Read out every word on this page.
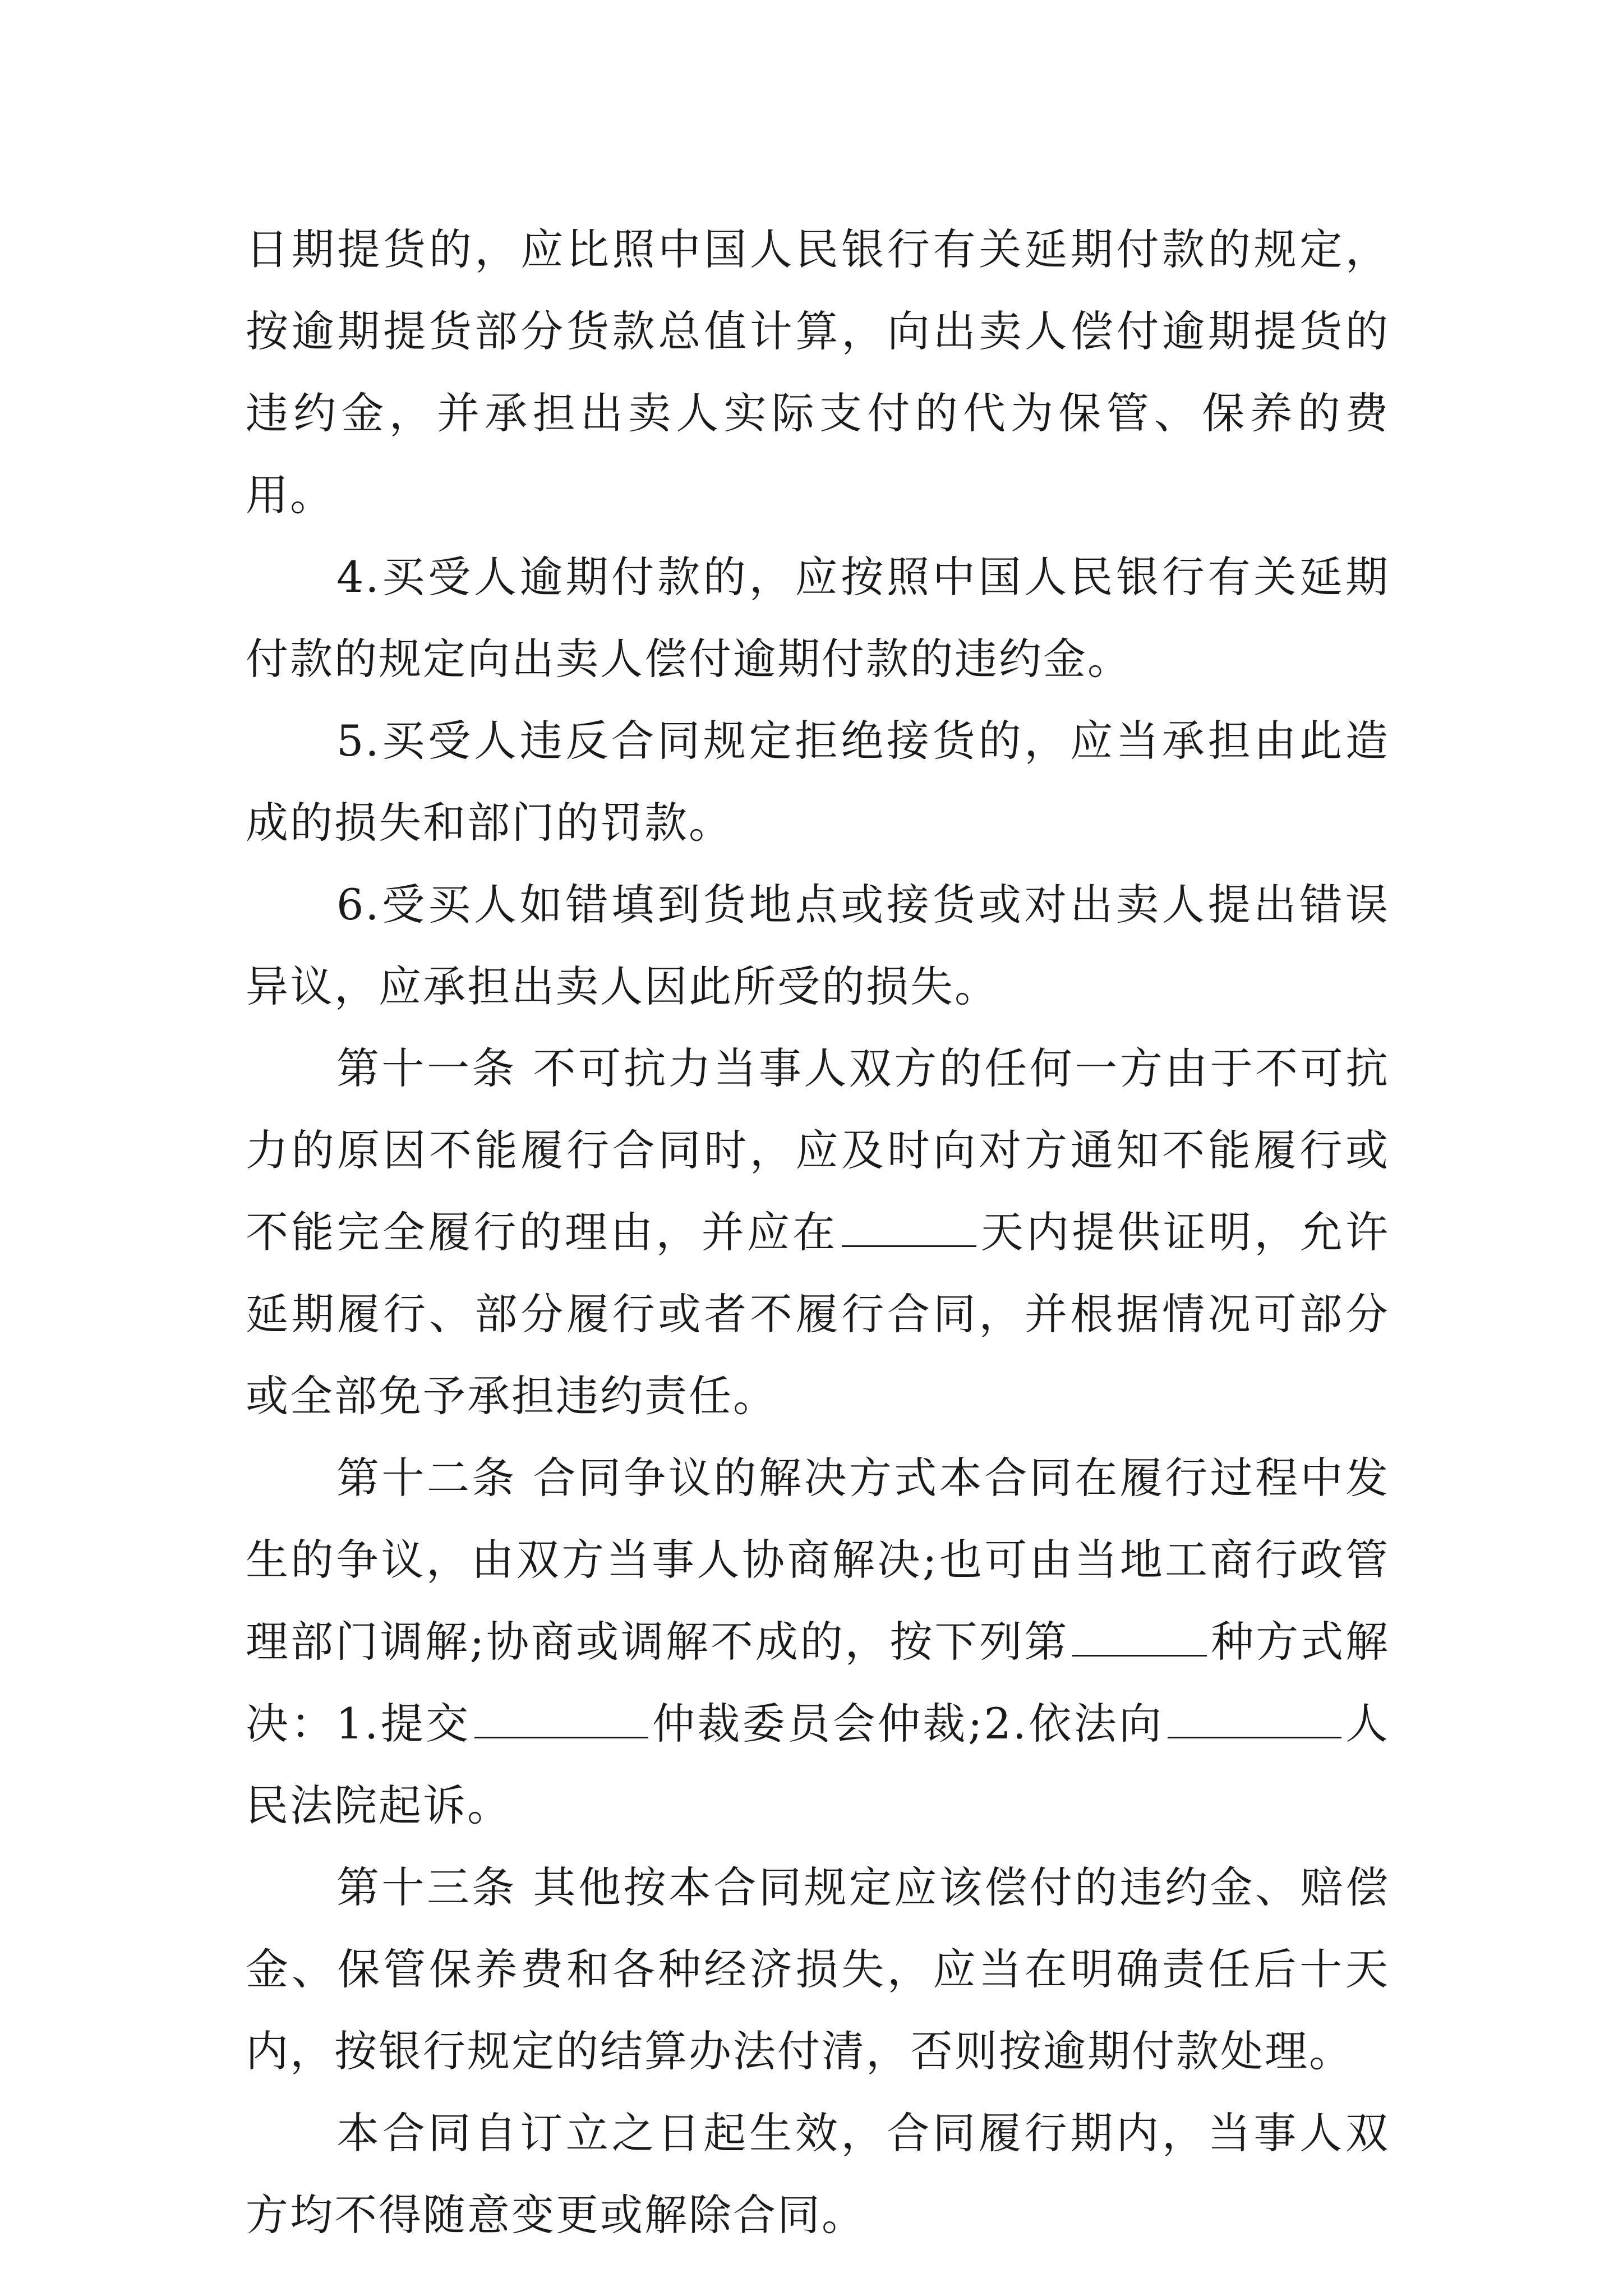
日期提货的，应比照中国人民银行有关延期付款的规定，按逾期提货部分货款总值计算，向出卖人偿付逾期提货的违约金，并承担出卖人实际支付的代为保管、保养的费用。

4.买受人逾期付款的，应按照中国人民银行有关延期付款的规定向出卖人偿付逾期付款的违约金。

5.买受人违反合同规定拒绝接货的，应当承担由此造成的损失和部门的罚款。

6.受买人如错填到货地点或接货或对出卖人提出错误异议，应承担出卖人因此所受的损失。

第十一条 不可抗力当事人双方的任何一方由于不可抗力的原因不能履行合同时，应及时向对方通知不能履行或不能完全履行的理由，并应在	天内提供证明，允许延期履行、部分履行或者不履行合同，并根据情况可部分或全部免予承担违约责任。

第十二条 合同争议的解决方式本合同在履行过程中发生的争议，由双方当事人协商解决;也可由当地工商行政管理部门调解;协商或调解不成的，按下列第	种方式解决：1.提交	仲裁委员会仲裁;2.依法向	人民法院起诉。

第十三条 其他按本合同规定应该偿付的违约金、赔偿金、保管保养费和各种经济损失，应当在明确责任后十天内，按银行规定的结算办法付清，否则按逾期付款处理。

本合同自订立之日起生效，合同履行期内，当事人双方均不得随意变更或解除合同。
